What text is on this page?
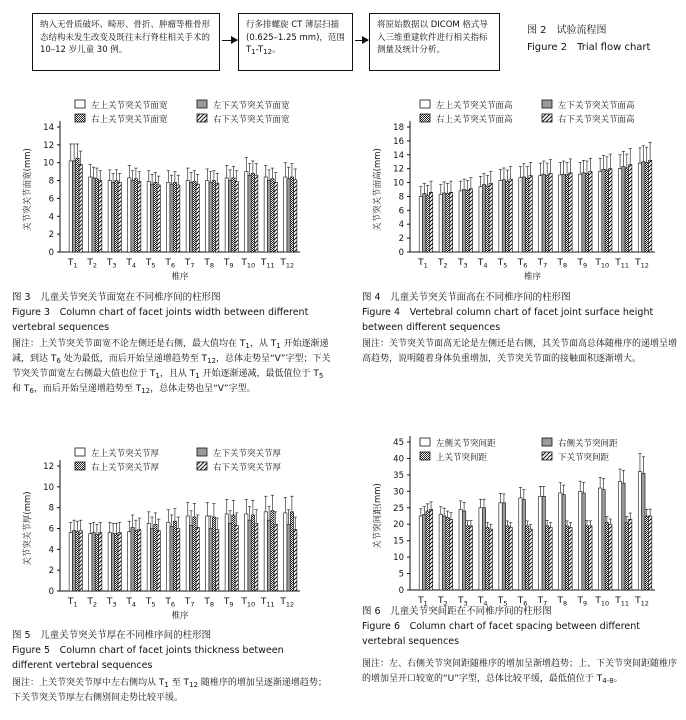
纳入无骨质破坏、畸形、骨折、肿瘤等椎骨形态结构未发生改变及既往未行脊柱相关手术的 10–12 岁儿童 30 例。
行多排螺旋 CT 薄层扫描(0.625–1.25 mm)，范围 $T_1-T_{12}$。
将原始数据以 DICOM 格式导入三维重建软件进行相关指标测量及统计分析。
图 2　试验流程图
Figure 2　Trial flow chart
左上关节突关节面宽	左下关节突关节面宽
右上关节突关节面宽	右下关节突关节面宽
0
2
4
6
8
10
12
14
关节突关节面宽(mm)
$T_1$ $T_2$ $T_3$ $T_4$ $T_5$ $T_6$ $T_7$ $T_8$ $T_9$ $T_{10}$ $T_{11}$ $T_{12}$
椎序
左上关节突关节面高	左下关节突关节面高
右上关节突关节面高	右下关节突关节面高
0
2
4
6
8
10
12
14
16
18
关节突关节面高(mm)
$T_1$ $T_2$ $T_3$ $T_4$ $T_5$ $T_6$ $T_7$ $T_8$ $T_9$ $T_{10}$ $T_{11}$ $T_{12}$
椎序
左上关节突关节厚	左下关节突关节厚
右上关节突关节厚	右下关节突关节厚
0
2
4
6
8
10
12
关节突关节厚(mm)
$T_1$ $T_2$ $T_3$ $T_4$ $T_5$ $T_6$ $T_7$ $T_8$ $T_9$ $T_{10}$ $T_{11}$ $T_{12}$
椎序
左侧关节突间距	右侧关节突间距
上关节突间距	下关节突间距
0
5
10
15
20
25
30
35
40
45
关节突间距(mm)
$T_1$ $T_2$ $T_3$ $T_4$ $T_5$ $T_6$ $T_7$ $T_8$ $T_9$ $T_{10}$ $T_{11}$ $T_{12}$
图 3　儿童关节突关节面宽在不同椎序间的柱形图
Figure 3　Column chart of facet joints width between different
vertebral sequences
图注：上关节突关节面宽不论左侧还是右侧，最大值均在 $T_1$，从 $T_1$ 开始逐渐递减，到达 $T_6$ 处为最低，而后开始呈递增趋势至 $T_{12}$，总体走势呈“V”字型；下关节突关节面宽左右侧最大值也位于 $T_1$，且从 $T_1$ 开始逐渐递减，最低值位于 $T_5$ 和 $T_6$，而后开始呈递增趋势至 $T_{12}$，总体走势也呈“V”字型。
图 4　儿童关节突关节面高在不同椎序间的柱形图
Figure 4　Vertebral column chart of facet joint surface height
between different sequences
图注：关节突关节面高无论是左侧还是右侧，其关节面高总体随椎序的递增呈增高趋势，说明随着身体负重增加，关节突关节面的接触面积逐渐增大。
图 5　儿童关节突关节厚在不同椎序间的柱形图
Figure 5　Column chart of facet joints thickness between
different vertebral sequences
图注：上关节突关节厚中左右侧均从 $T_1$ 至 $T_{12}$ 随椎序的增加呈逐渐递增趋势；下关节突关节厚左右侧别间走势比较平缓。
图 6　儿童关节突间距在不同椎序间的柱形图
Figure 6　Column chart of facet spacing between different
vertebral sequences
图注：左、右侧关节突间距随椎序的增加呈渐增趋势；上、下关节突间距随椎序的增加呈开口较宽的“U”字型，总体比较平缓，最低值位于 $T_{4-8}$。
